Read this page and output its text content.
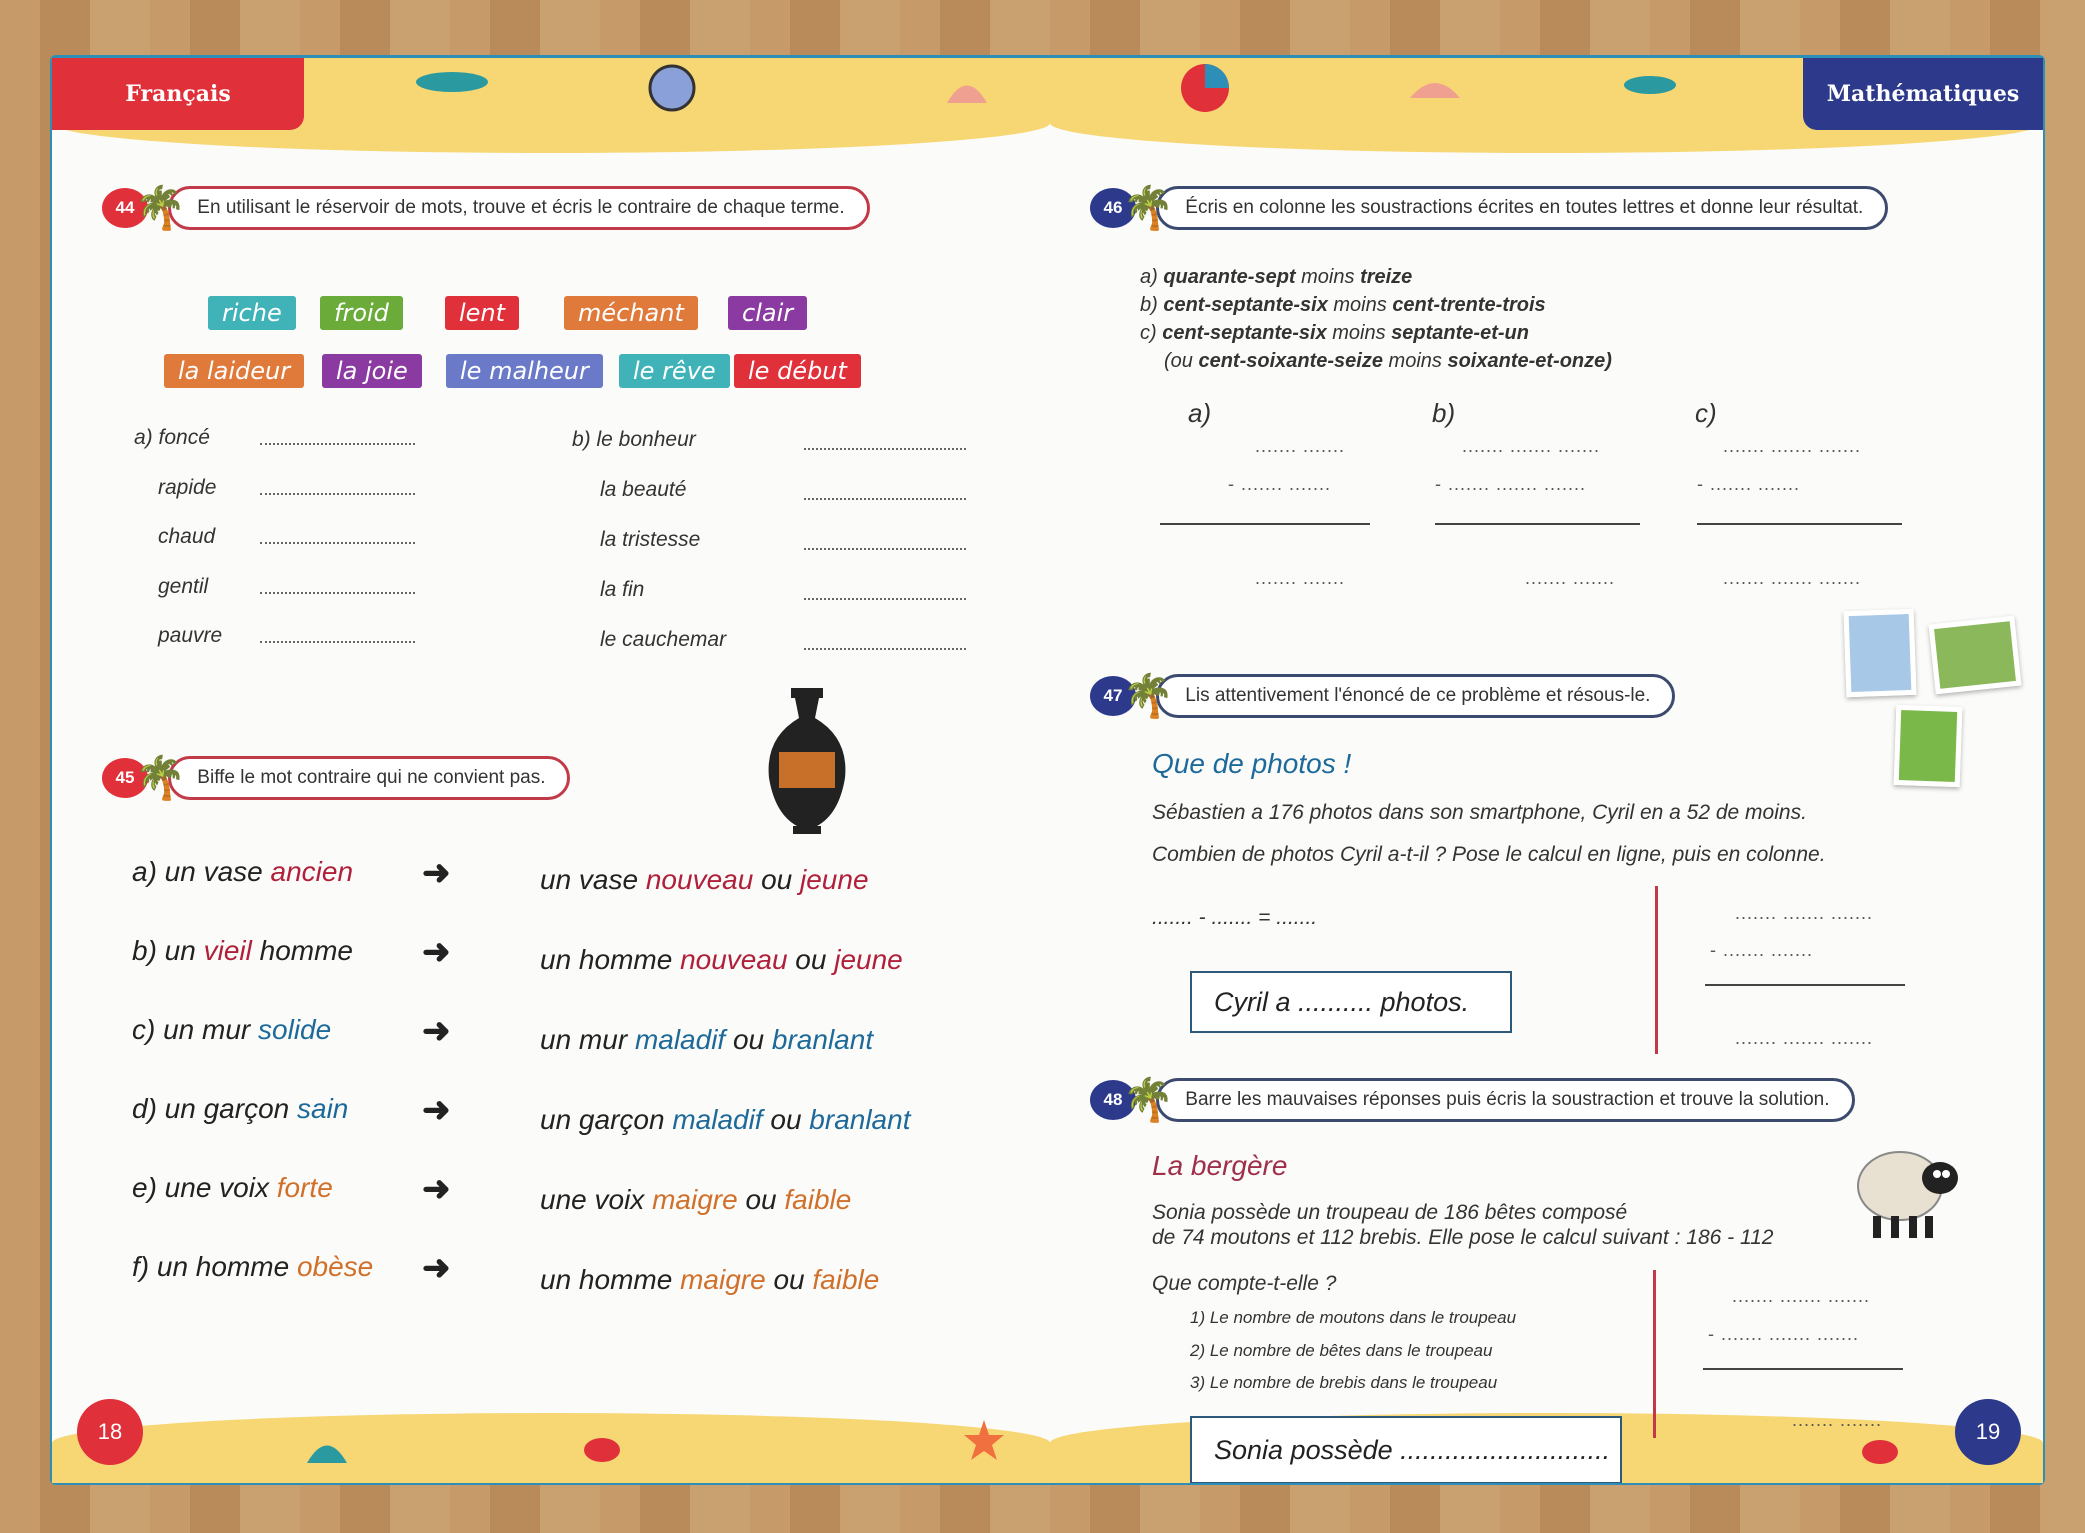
Français
18
44 🌴 En utilisant le réservoir de mots, trouve et écris le contraire de chaque terme.
riche	froid	lent	méchant	clair
la laideur	la joie	le malheur	le rêve	le début
a) foncé
rapide
chaud
gentil
pauvre
b) le bonheur
la beauté
la tristesse
la fin
le cauchemar
45 🌴 Biffe le mot contraire qui ne convient pas.
a) un vase ancien ➜	un vase nouveau ou jeune
b) un vieil homme ➜	un homme nouveau ou jeune
c) un mur solide	➜	un mur maladif ou branlant
d) un garçon sain ➜	un garçon maladif ou branlant
e) une voix forte	➜	une voix maigre ou faible
f) un homme obèse ➜	un homme maigre ou faible
Mathématiques
19
46 🌴 Écris en colonne les soustractions écrites en toutes lettres et donne leur résultat.
a) quarante-sept moins treize
b) cent-septante-six moins cent-trente-trois
c) cent-septante-six moins septante-et-un
(ou cent-soixante-seize moins soixante-et-onze)
a)	b)	c)
....... .......
- ....... .......
....... .......
....... ....... .......
- ....... ....... .......
....... .......
....... ....... .......
- ....... .......
....... ....... .......
47 🌴 Lis attentivement l'énoncé de ce problème et résous-le.
Que de photos !
Sébastien a 176 photos dans son smartphone, Cyril en a 52 de moins.
Combien de photos Cyril a-t-il ? Pose le calcul en ligne, puis en colonne.
....... - ....... = .......
Cyril a .......... photos.
....... ....... .......
- ....... .......
....... ....... .......
48 🌴 Barre les mauvaises réponses puis écris la soustraction et trouve la solution.
La bergère
Sonia possède un troupeau de 186 bêtes composé
de 74 moutons et 112 brebis. Elle pose le calcul suivant : 186 - 112
Que compte-t-elle ?
1) Le nombre de moutons dans le troupeau
2) Le nombre de bêtes dans le troupeau
3) Le nombre de brebis dans le troupeau
Sonia possède ............................
....... ....... .......
- ....... ....... .......
....... .......
